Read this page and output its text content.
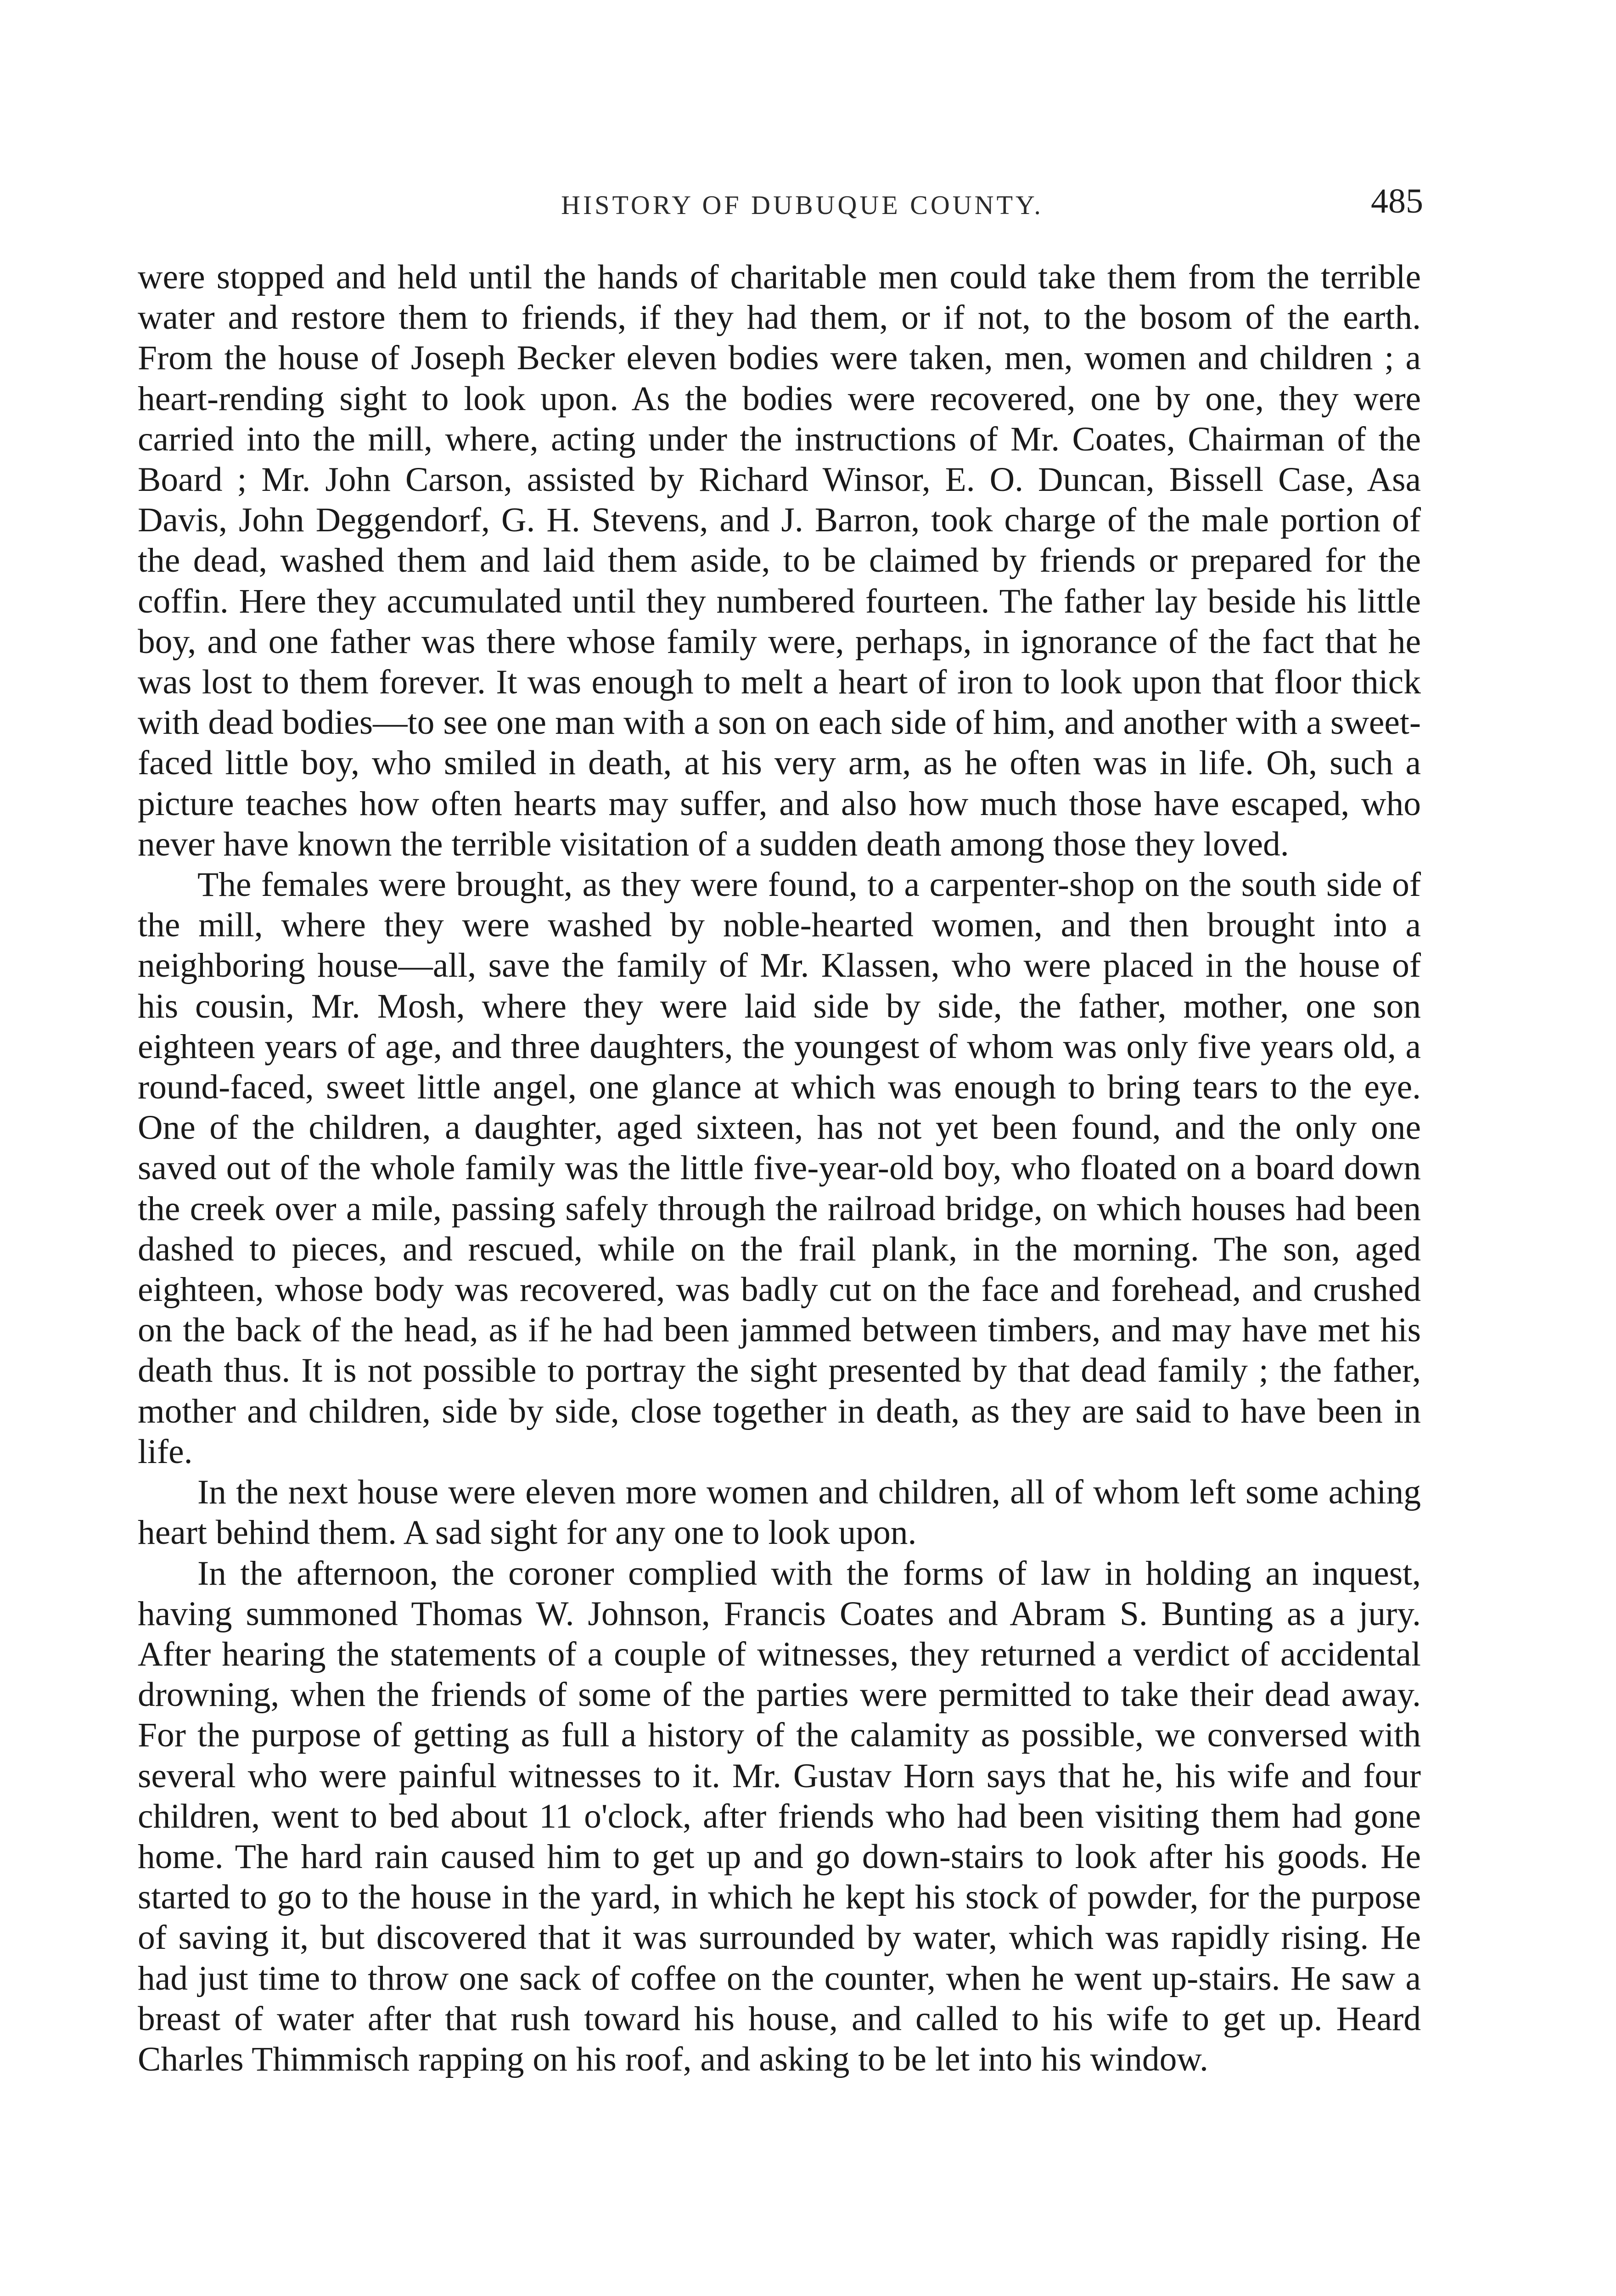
HISTORY OF DUBUQUE COUNTY.	485

were stopped and held until the hands of charitable men could take them from the terrible water and restore them to friends, if they had them, or if not, to the bosom of the earth. From the house of Joseph Becker eleven bodies were taken, men, women and children ; a heart-rending sight to look upon. As the bodies were recovered, one by one, they were carried into the mill, where, acting under the instructions of Mr. Coates, Chairman of the Board ; Mr. John Carson, assisted by Richard Winsor, E. O. Duncan, Bissell Case, Asa Davis, John Deggendorf, G. H. Stevens, and J. Barron, took charge of the male portion of the dead, washed them and laid them aside, to be claimed by friends or prepared for the coffin. Here they accumulated until they numbered fourteen. The father lay beside his little boy, and one father was there whose family were, perhaps, in ignorance of the fact that he was lost to them forever. It was enough to melt a heart of iron to look upon that floor thick with dead bodies—to see one man with a son on each side of him, and another with a sweet-faced little boy, who smiled in death, at his very arm, as he often was in life. Oh, such a picture teaches how often hearts may suffer, and also how much those have escaped, who never have known the terrible visitation of a sudden death among those they loved.

The females were brought, as they were found, to a carpenter-shop on the south side of the mill, where they were washed by noble-hearted women, and then brought into a neighboring house—all, save the family of Mr. Klassen, who were placed in the house of his cousin, Mr. Mosh, where they were laid side by side, the father, mother, one son eighteen years of age, and three daughters, the youngest of whom was only five years old, a round-faced, sweet little angel, one glance at which was enough to bring tears to the eye. One of the children, a daughter, aged sixteen, has not yet been found, and the only one saved out of the whole family was the little five-year-old boy, who floated on a board down the creek over a mile, passing safely through the railroad bridge, on which houses had been dashed to pieces, and rescued, while on the frail plank, in the morning. The son, aged eighteen, whose body was recovered, was badly cut on the face and forehead, and crushed on the back of the head, as if he had been jammed between timbers, and may have met his death thus. It is not possible to portray the sight presented by that dead family ; the father, mother and children, side by side, close together in death, as they are said to have been in life.

In the next house were eleven more women and children, all of whom left some aching heart behind them. A sad sight for any one to look upon.

In the afternoon, the coroner complied with the forms of law in holding an inquest, having summoned Thomas W. Johnson, Francis Coates and Abram S. Bunting as a jury. After hearing the statements of a couple of witnesses, they returned a verdict of accidental drowning, when the friends of some of the parties were permitted to take their dead away. For the purpose of getting as full a history of the calamity as possible, we conversed with several who were painful witnesses to it. Mr. Gustav Horn says that he, his wife and four children, went to bed about 11 o'clock, after friends who had been visiting them had gone home. The hard rain caused him to get up and go down-stairs to look after his goods. He started to go to the house in the yard, in which he kept his stock of powder, for the purpose of saving it, but discovered that it was surrounded by water, which was rapidly rising. He had just time to throw one sack of coffee on the counter, when he went up-stairs. He saw a breast of water after that rush toward his house, and called to his wife to get up. Heard Charles Thimmisch rapping on his roof, and asking to be let into his window.
